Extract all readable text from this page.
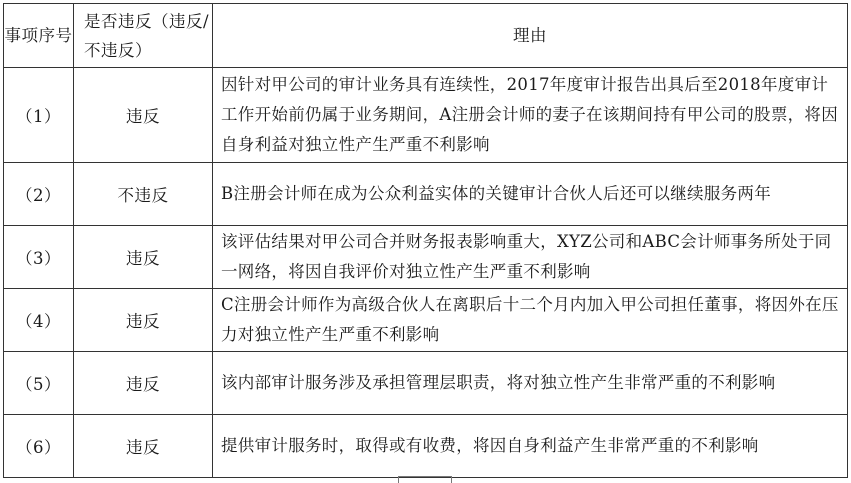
事项序号	是否违反（违反/不违反）	理由
（1）	违反	因针对甲公司的审计业务具有连续性，2017年度审计报告出具后至2018年度审计工作开始前仍属于业务期间，A注册会计师的妻子在该期间持有甲公司的股票，将因自身利益对独立性产生严重不利影响
（2）	不违反	B注册会计师在成为公众利益实体的关键审计合伙人后还可以继续服务两年
（3）	违反	该评估结果对甲公司合并财务报表影响重大，XYZ公司和ABC会计师事务所处于同一网络，将因自我评价对独立性产生严重不利影响
（4）	违反	C注册会计师作为高级合伙人在离职后十二个月内加入甲公司担任董事，将因外在压力对独立性产生严重不利影响
（5）	违反	该内部审计服务涉及承担管理层职责，将对独立性产生非常严重的不利影响
（6）	违反	提供审计服务时，取得或有收费，将因自身利益产生非常严重的不利影响
